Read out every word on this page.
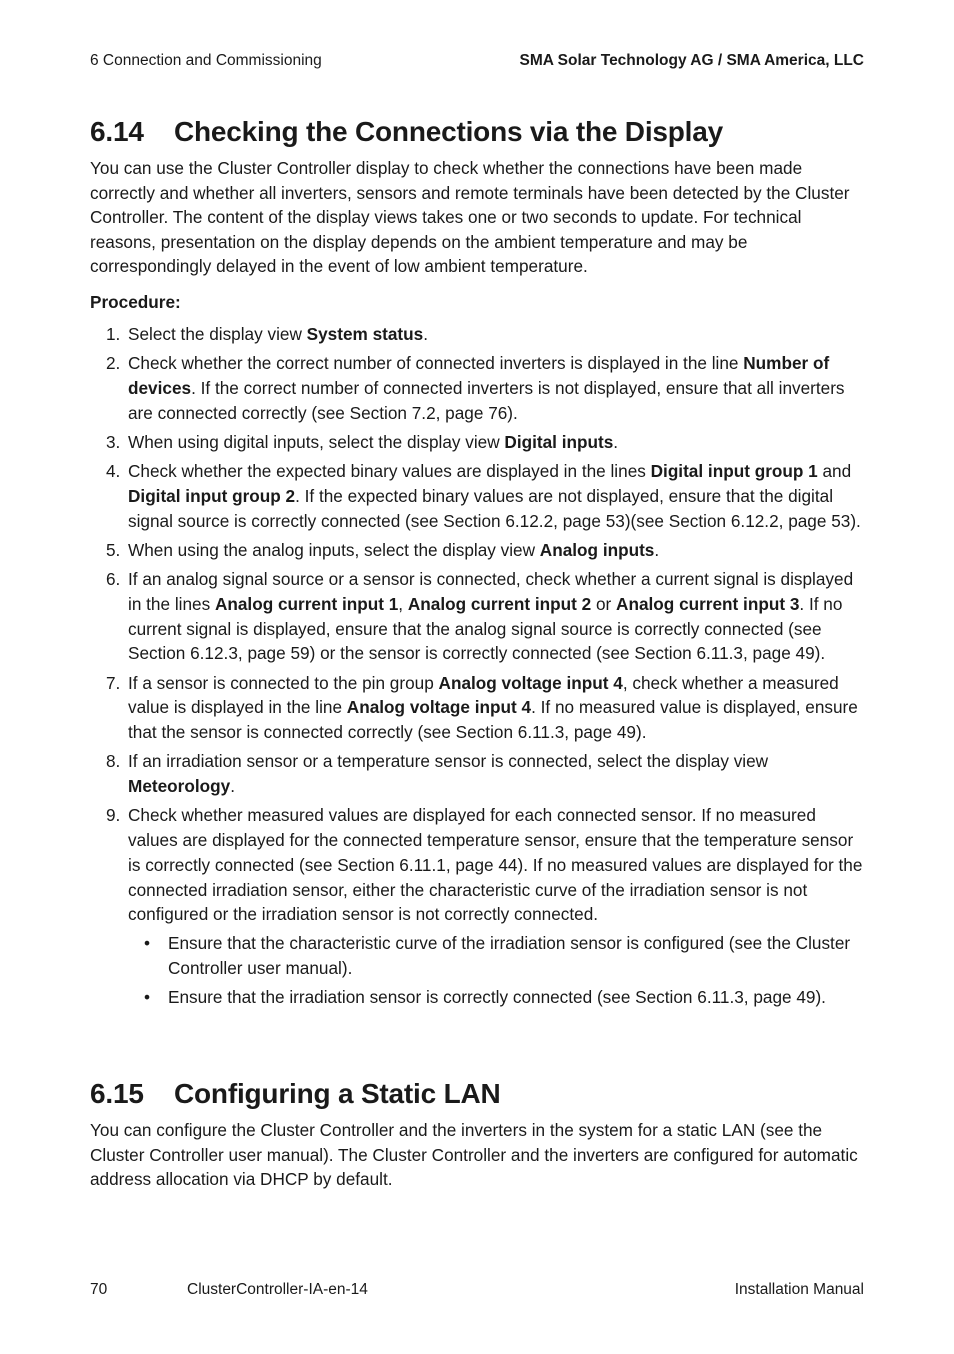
6 Connection and Commissioning	SMA Solar Technology AG / SMA America, LLC
6.14 Checking the Connections via the Display

You can use the Cluster Controller display to check whether the connections have been made correctly and whether all inverters, sensors and remote terminals have been detected by the Cluster Controller. The content of the display views takes one or two seconds to update. For technical reasons, presentation on the display depends on the ambient temperature and may be correspondingly delayed in the event of low ambient temperature.

Procedure:
1. Select the display view System status.
2. Check whether the correct number of connected inverters is displayed in the line Number of devices. If the correct number of connected inverters is not displayed, ensure that all inverters are connected correctly (see Section 7.2, page 76).
3. When using digital inputs, select the display view Digital inputs.
4. Check whether the expected binary values are displayed in the lines Digital input group 1 and Digital input group 2. If the expected binary values are not displayed, ensure that the digital signal source is correctly connected (see Section 6.12.2, page 53)(see Section 6.12.2, page 53).
5. When using the analog inputs, select the display view Analog inputs.
6. If an analog signal source or a sensor is connected, check whether a current signal is displayed in the lines Analog current input 1, Analog current input 2 or Analog current input 3. If no current signal is displayed, ensure that the analog signal source is correctly connected (see Section 6.12.3, page 59) or the sensor is correctly connected (see Section 6.11.3, page 49).
7. If a sensor is connected to the pin group Analog voltage input 4, check whether a measured value is displayed in the line Analog voltage input 4. If no measured value is displayed, ensure that the sensor is connected correctly (see Section 6.11.3, page 49).
8. If an irradiation sensor or a temperature sensor is connected, select the display view Meteorology.
9. Check whether measured values are displayed for each connected sensor. If no measured values are displayed for the connected temperature sensor, ensure that the temperature sensor is correctly connected (see Section 6.11.1, page 44). If no measured values are displayed for the connected irradiation sensor, either the characteristic curve of the irradiation sensor is not configured or the irradiation sensor is not correctly connected.
• Ensure that the characteristic curve of the irradiation sensor is configured (see the Cluster Controller user manual).
• Ensure that the irradiation sensor is correctly connected (see Section 6.11.3, page 49).
6.15 Configuring a Static LAN

You can configure the Cluster Controller and the inverters in the system for a static LAN (see the Cluster Controller user manual). The Cluster Controller and the inverters are configured for automatic address allocation via DHCP by default.

70	ClusterController-IA-en-14	Installation Manual
